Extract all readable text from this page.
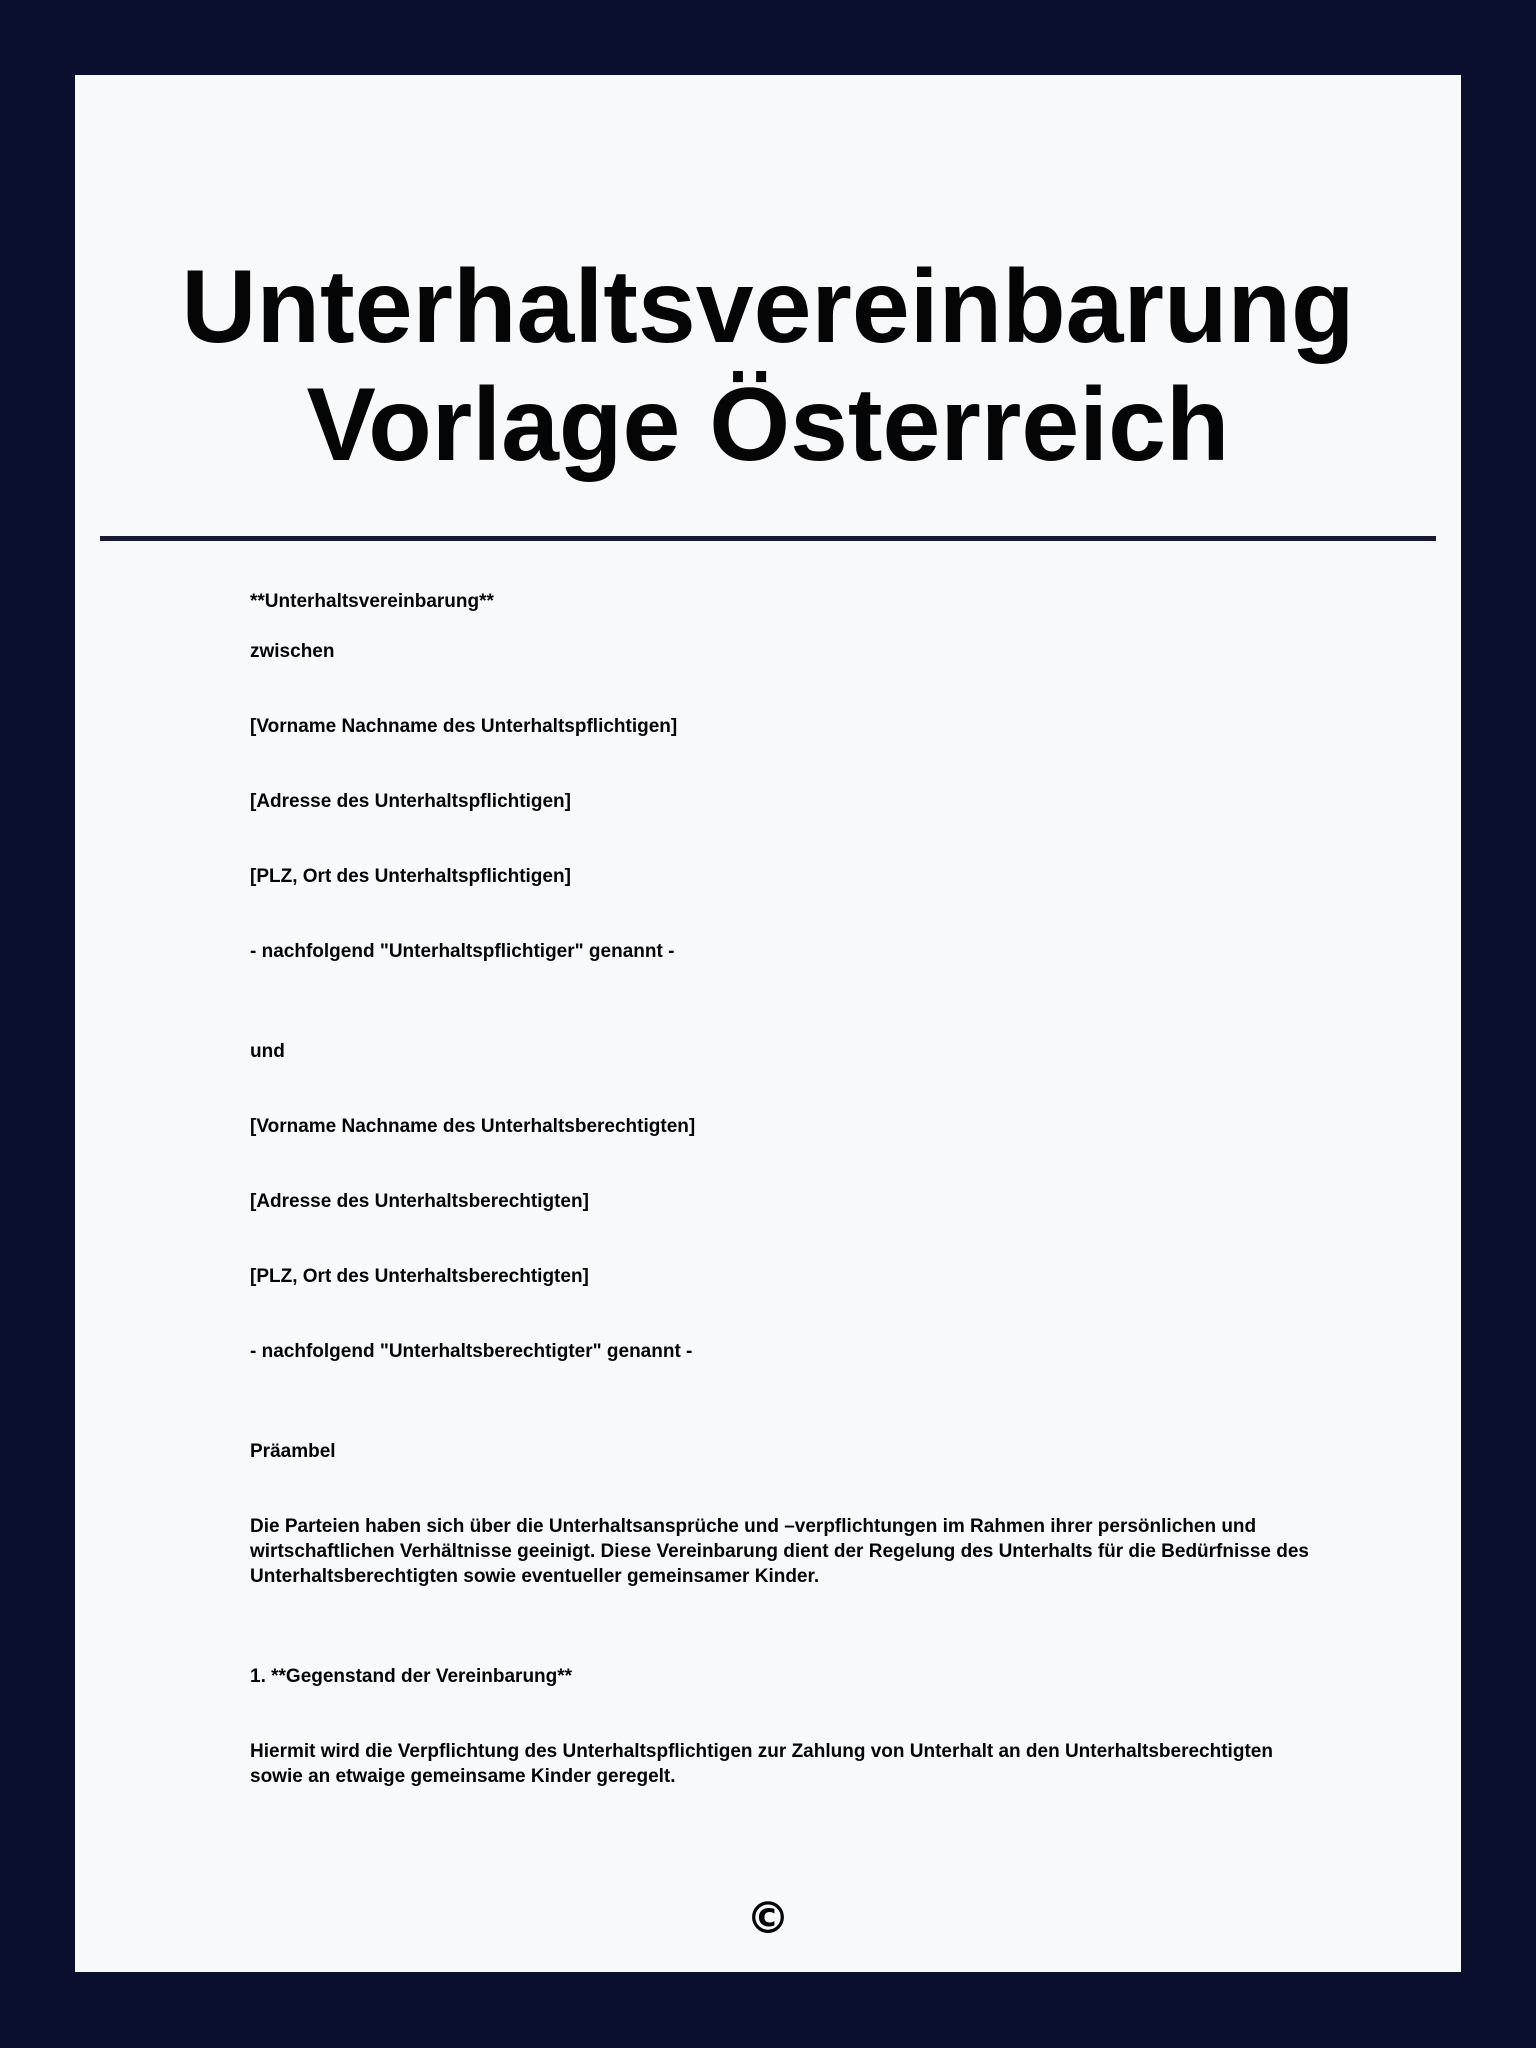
Unterhaltsvereinbarung
Vorlage Österreich

**Unterhaltsvereinbarung**

zwischen

[Vorname Nachname des Unterhaltspflichtigen]

[Adresse des Unterhaltspflichtigen]

[PLZ, Ort des Unterhaltspflichtigen]

- nachfolgend "Unterhaltspflichtiger" genannt -

und

[Vorname Nachname des Unterhaltsberechtigten]

[Adresse des Unterhaltsberechtigten]

[PLZ, Ort des Unterhaltsberechtigten]

- nachfolgend "Unterhaltsberechtigter" genannt -

Präambel

Die Parteien haben sich über die Unterhaltsansprüche und –verpflichtungen im Rahmen ihrer persönlichen und wirtschaftlichen Verhältnisse geeinigt. Diese Vereinbarung dient der Regelung des Unterhalts für die Bedürfnisse des Unterhaltsberechtigten sowie eventueller gemeinsamer Kinder.

1. **Gegenstand der Vereinbarung**

Hiermit wird die Verpflichtung des Unterhaltspflichtigen zur Zahlung von Unterhalt an den Unterhaltsberechtigten sowie an etwaige gemeinsame Kinder geregelt.

©
